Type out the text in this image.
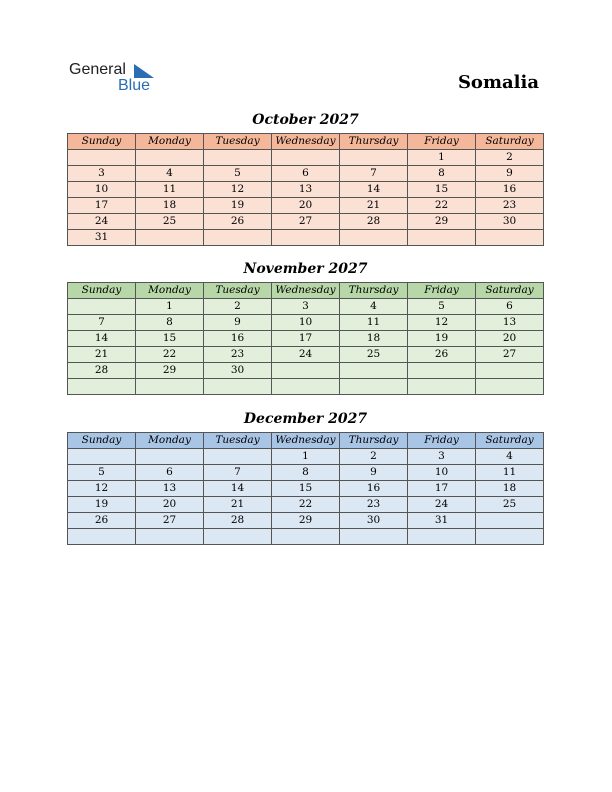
General
Blue	Somalia
October 2027
Sunday	Monday	Tuesday	Wednesday	Thursday	Friday	Saturday
					1	2
3	4	5	6	7	8	9
10	11	12	13	14	15	16
17	18	19	20	21	22	23
24	25	26	27	28	29	30
31						
November 2027
Sunday	Monday	Tuesday	Wednesday	Thursday	Friday	Saturday
	1	2	3	4	5	6
7	8	9	10	11	12	13
14	15	16	17	18	19	20
21	22	23	24	25	26	27
28	29	30				

December 2027
Sunday	Monday	Tuesday	Wednesday	Thursday	Friday	Saturday
			1	2	3	4
5	6	7	8	9	10	11
12	13	14	15	16	17	18
19	20	21	22	23	24	25
26	27	28	29	30	31	
